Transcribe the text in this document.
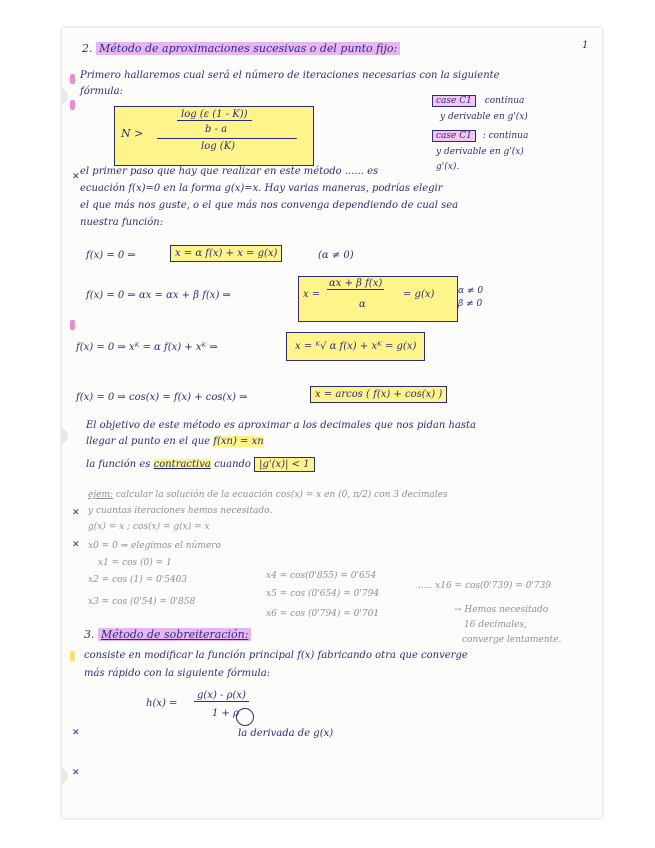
2. Método de aproximaciones sucesivas o del punto fijo:	1
Primero hallaremos cual será el número de iteraciones necesarias con la siguiente
fórmula:
N >
log (ε (1 - K))
b - a
log (K)
case C1 continua
y derivable en g'(x)
case C1 : continua
y derivable en g'(x)
g'(x).
el primer paso que hay que realizar en este método ...... es
ecuación f(x)=0 en la forma g(x)=x. Hay varias maneras, podrías elegir
el que más nos guste, o el que más nos convenga dependiendo de cual sea
nuestra función:
f(x) = 0 ⇒	x = α f(x) + x = g(x)	(α ≠ 0)
f(x) = 0 ⇒ αx = αx + β f(x) ⇒	x =
αx + β f(x)
α
= g(x)	α ≠ 0
β ≠ 0
f(x) = 0 ⇒ xᴷ = α f(x) + xᴷ ⇒	x = ᴷ√ α f(x) + xᴷ = g(x)
f(x) = 0 ⇒ cos(x) = f(x) + cos(x) ⇒	x = arcos ( f(x) + cos(x) )
El objetivo de este método es aproximar a los decimales que nos pidan hasta
llegar al punto en el que f(xn) = xn
la función es contractiva cuando |g'(x)| < 1
ejem: calcular la solución de la ecuación cos(x) = x en (0, π/2) con 3 decimales
y cuantas iteraciones hemos necesitado.
g(x) = x ; cos(x) = g(x) = x
x0 = 0 ⇒ elegimos el número
x1 = cos (0) = 1
x2 = cos (1) = 0'5403
x3 = cos (0'54) = 0'858
x4 = cos(0'855) = 0'654
x5 = cos (0'654) = 0'794
x6 = cos (0'794) = 0'701
..... x16 = cos(0'739) = 0'739
→ Hemos necesitado
16 decimales,
converge lentamente.
3. Método de sobreiteración:
consiste en modificar la función principal f(x) fabricando otra que converge
más rápido con la siguiente fórmula:
h(x) =
g(x) - ρ(x)
1 + ρ
la derivada de g(x)
✕
✕
✕
✕
✕
